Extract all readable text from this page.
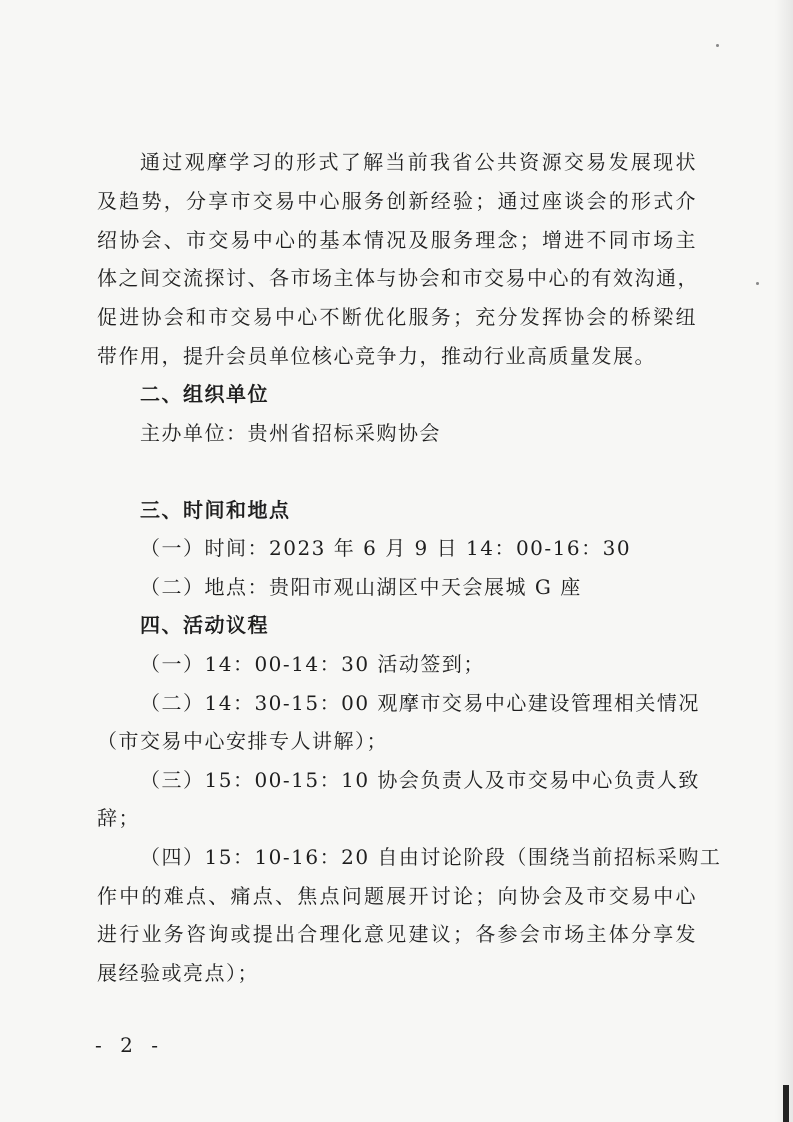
通过观摩学习的形式了解当前我省公共资源交易发展现状
及趋势，分享市交易中心服务创新经验；通过座谈会的形式介
绍协会、市交易中心的基本情况及服务理念；增进不同市场主
体之间交流探讨、各市场主体与协会和市交易中心的有效沟通，
促进协会和市交易中心不断优化服务；充分发挥协会的桥梁纽
带作用，提升会员单位核心竞争力，推动行业高质量发展。
二、组织单位
主办单位：贵州省招标采购协会
三、时间和地点
（一）时间：2023 年 6 月 9 日 14：00-16：30
（二）地点：贵阳市观山湖区中天会展城 G 座
四、活动议程
（一）14：00-14：30 活动签到；
（二）14：30-15：00 观摩市交易中心建设管理相关情况
（市交易中心安排专人讲解）；
（三）15：00-15：10 协会负责人及市交易中心负责人致
辞；
（四）15：10-16：20 自由讨论阶段（围绕当前招标采购工
作中的难点、痛点、焦点问题展开讨论；向协会及市交易中心
进行业务咨询或提出合理化意见建议；各参会市场主体分享发
展经验或亮点）；
- 2 -
